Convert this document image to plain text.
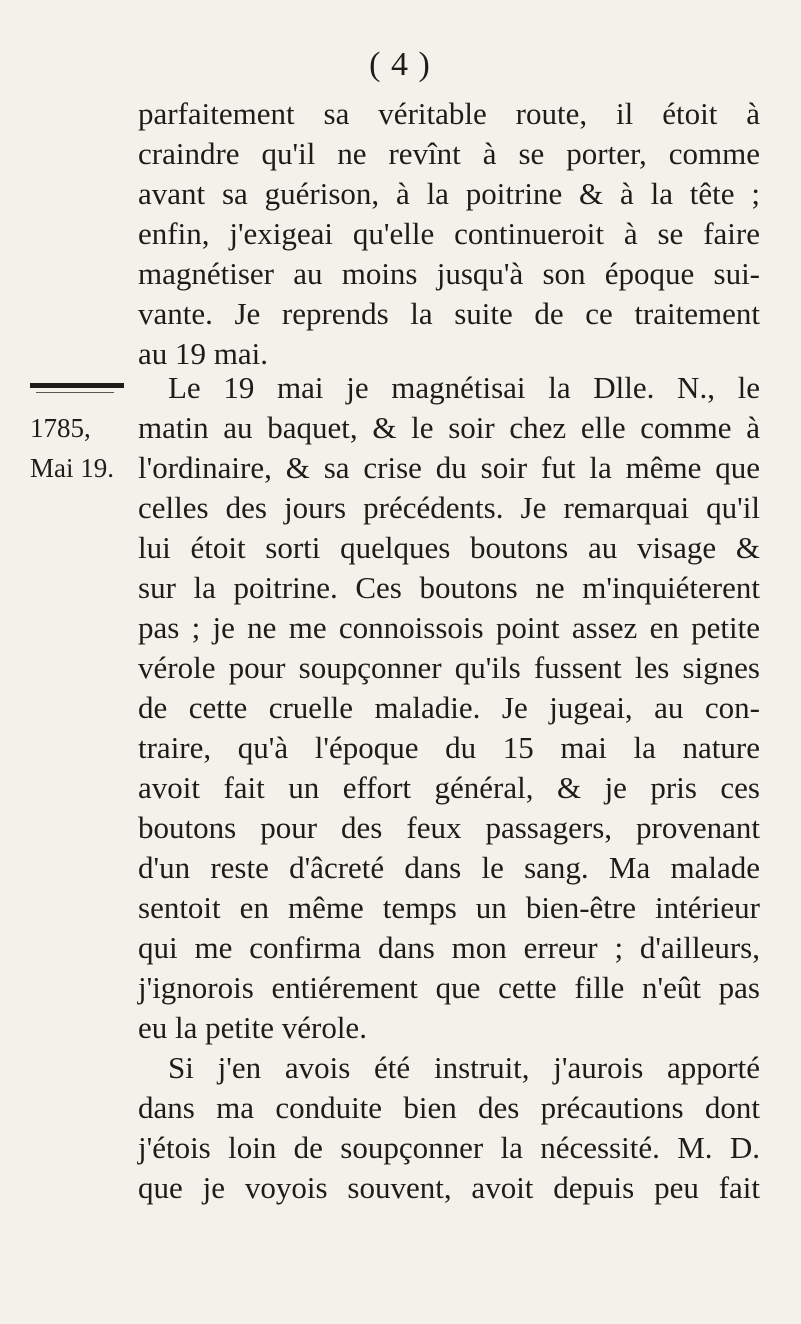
( 4 )
parfaitement sa véritable route, il étoit à
craindre qu'il ne revînt à se porter, comme
avant sa guérison, à la poitrine & à la tête ;
enfin, j'exigeai qu'elle continueroit à se faire
magnétiser au moins jusqu'à son époque sui-
vante. Je reprends la suite de ce traitement
au 19 mai.
1785,
Mai 19.
Le 19 mai je magnétisai la Dlle. N., le
matin au baquet, & le soir chez elle comme à
l'ordinaire, & sa crise du soir fut la même que
celles des jours précédents. Je remarquai qu'il
lui étoit sorti quelques boutons au visage &
sur la poitrine. Ces boutons ne m'inquiéterent
pas ; je ne me connoissois point assez en petite
vérole pour soupçonner qu'ils fussent les signes
de cette cruelle maladie. Je jugeai, au con-
traire, qu'à l'époque du 15 mai la nature
avoit fait un effort général, & je pris ces
boutons pour des feux passagers, provenant
d'un reste d'âcreté dans le sang. Ma malade
sentoit en même temps un bien-être intérieur
qui me confirma dans mon erreur ; d'ailleurs,
j'ignorois entiérement que cette fille n'eût pas
eu la petite vérole.
Si j'en avois été instruit, j'aurois apporté
dans ma conduite bien des précautions dont
j'étois loin de soupçonner la nécessité. M. D.
que je voyois souvent, avoit depuis peu fait
